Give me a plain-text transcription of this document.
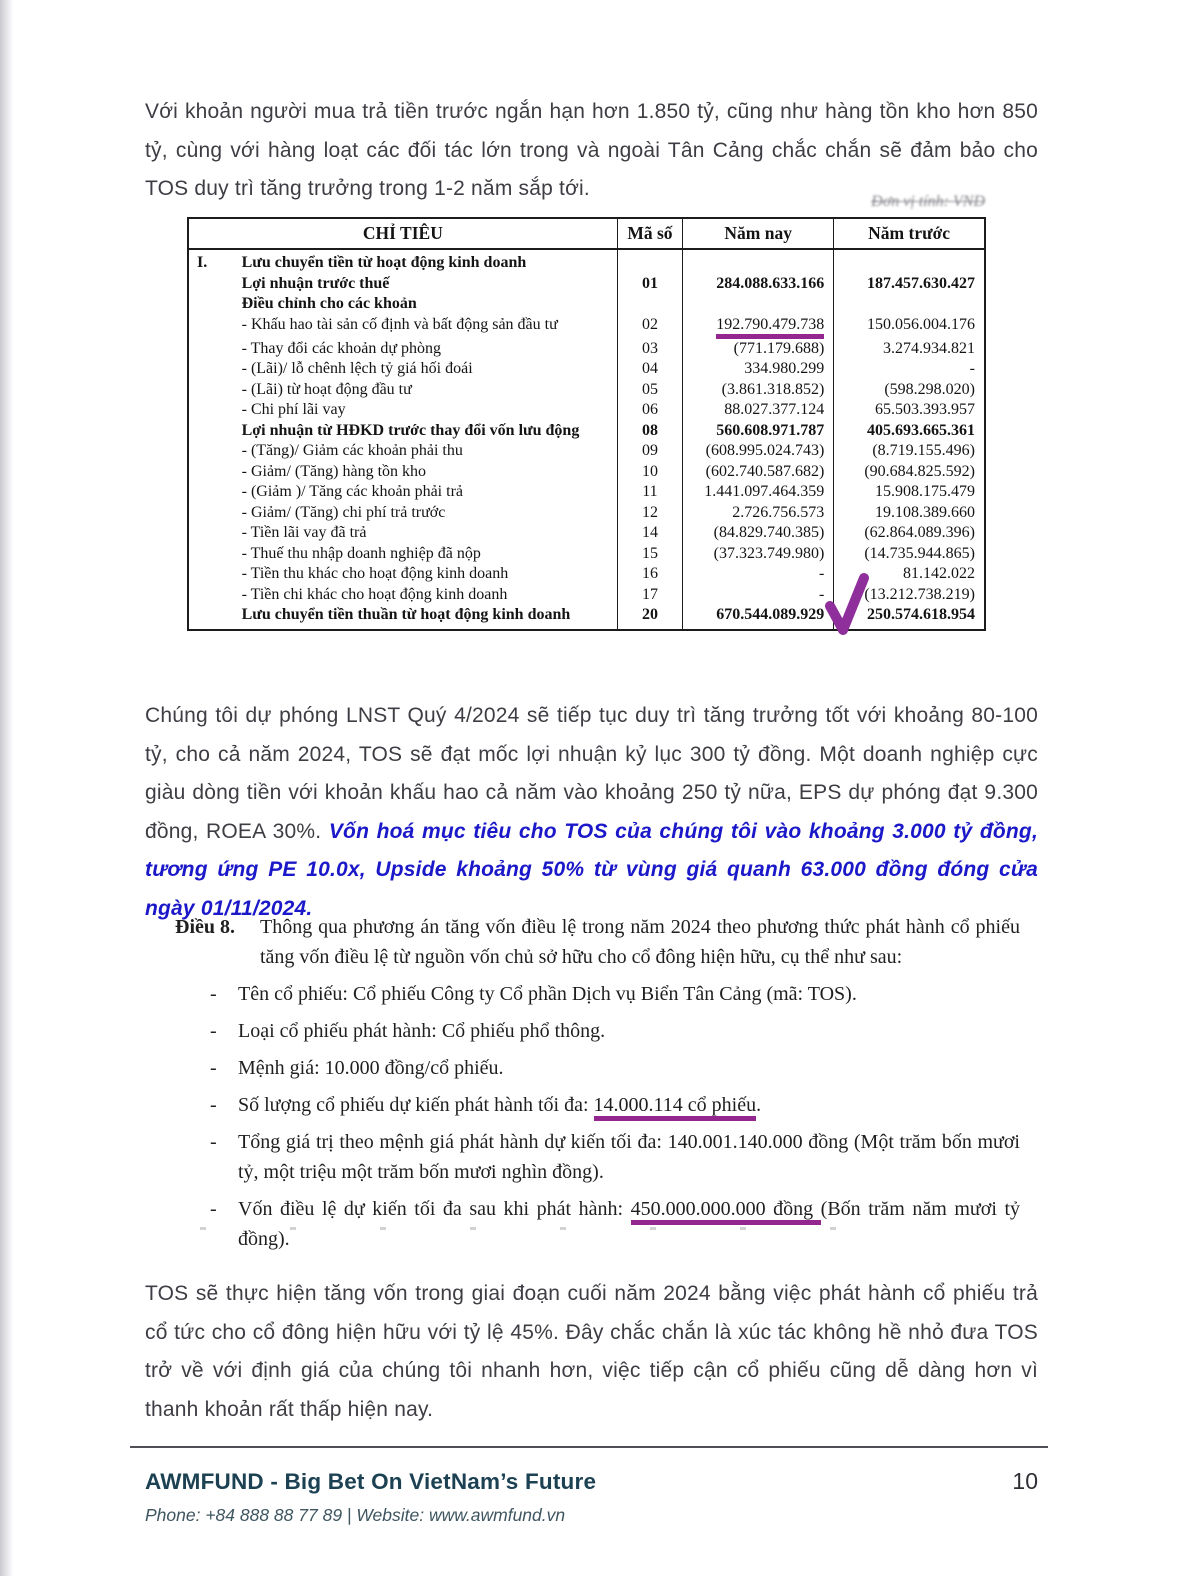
Với khoản người mua trả tiền trước ngắn hạn hơn 1.850 tỷ, cũng như hàng tồn kho hơn 850 tỷ, cùng với hàng loạt các đối tác lớn trong và ngoài Tân Cảng chắc chắn sẽ đảm bảo cho TOS duy trì tăng trưởng trong 1-2 năm sắp tới.

Đơn vị tính: VND
CHỈ TIÊU		Mã số	Năm nay	Năm trước
I.	Lưu chuyển tiền từ hoạt động kinh doanh			
	Lợi nhuận trước thuế	01	284.088.633.166	187.457.630.427
	Điều chỉnh cho các khoản			
	- Khấu hao tài sản cố định và bất động sản đầu tư	02	192.790.479.738	150.056.004.176
	- Thay đổi các khoản dự phòng	03	(771.179.688)	3.274.934.821
	- (Lãi)/ lỗ chênh lệch tỷ giá hối đoái	04	334.980.299	-
	- (Lãi) từ hoạt động đầu tư	05	(3.861.318.852)	(598.298.020)
	- Chi phí lãi vay	06	88.027.377.124	65.503.393.957
	Lợi nhuận từ HĐKD trước thay đổi vốn lưu động	08	560.608.971.787	405.693.665.361
	- (Tăng)/ Giảm các khoản phải thu	09	(608.995.024.743)	(8.719.155.496)
	- Giảm/ (Tăng) hàng tồn kho	10	(602.740.587.682)	(90.684.825.592)
	- (Giảm )/ Tăng các khoản phải trả	11	1.441.097.464.359	15.908.175.479
	- Giảm/ (Tăng) chi phí trả trước	12	2.726.756.573	19.108.389.660
	- Tiền lãi vay đã trả	14	(84.829.740.385)	(62.864.089.396)
	- Thuế thu nhập doanh nghiệp đã nộp	15	(37.323.749.980)	(14.735.944.865)
	- Tiền thu khác cho hoạt động kinh doanh	16	-	81.142.022
	- Tiền chi khác cho hoạt động kinh doanh	17	-	(13.212.738.219)
	Lưu chuyển tiền thuần từ hoạt động kinh doanh	20	670.544.089.929	250.574.618.954

Chúng tôi dự phóng LNST Quý 4/2024 sẽ tiếp tục duy trì tăng trưởng tốt với khoảng 80-100 tỷ, cho cả năm 2024, TOS sẽ đạt mốc lợi nhuận kỷ lục 300 tỷ đồng. Một doanh nghiệp cực giàu dòng tiền với khoản khấu hao cả năm vào khoảng 250 tỷ nữa, EPS dự phóng đạt 9.300 đồng, ROEA 30%. Vốn hoá mục tiêu cho TOS của chúng tôi vào khoảng 3.000 tỷ đồng, tương ứng PE 10.0x, Upside khoảng 50% từ vùng giá quanh 63.000 đồng đóng cửa ngày 01/11/2024.

Điều 8.	Thông qua phương án tăng vốn điều lệ trong năm 2024 theo phương thức phát hành cổ phiếu tăng vốn điều lệ từ nguồn vốn chủ sở hữu cho cổ đông hiện hữu, cụ thể như sau:
-	Tên cổ phiếu: Cổ phiếu Công ty Cổ phần Dịch vụ Biển Tân Cảng (mã: TOS).
-	Loại cổ phiếu phát hành: Cổ phiếu phổ thông.
-	Mệnh giá: 10.000 đồng/cổ phiếu.
-	Số lượng cổ phiếu dự kiến phát hành tối đa: 14.000.114 cổ phiếu.
-	Tổng giá trị theo mệnh giá phát hành dự kiến tối đa: 140.001.140.000 đồng (Một trăm bốn mươi tỷ, một triệu một trăm bốn mươi nghìn đồng).
-	Vốn điều lệ dự kiến tối đa sau khi phát hành: 450.000.000.000 đồng (Bốn trăm năm mươi tỷ đồng).

TOS sẽ thực hiện tăng vốn trong giai đoạn cuối năm 2024 bằng việc phát hành cổ phiếu trả cổ tức cho cổ đông hiện hữu với tỷ lệ 45%. Đây chắc chắn là xúc tác không hề nhỏ đưa TOS trở về với định giá của chúng tôi nhanh hơn, việc tiếp cận cổ phiếu cũng dễ dàng hơn vì thanh khoản rất thấp hiện nay.

AWMFUND - Big Bet On VietNam’s Future	10
Phone: +84 888 88 77 89 | Website: www.awmfund.vn
